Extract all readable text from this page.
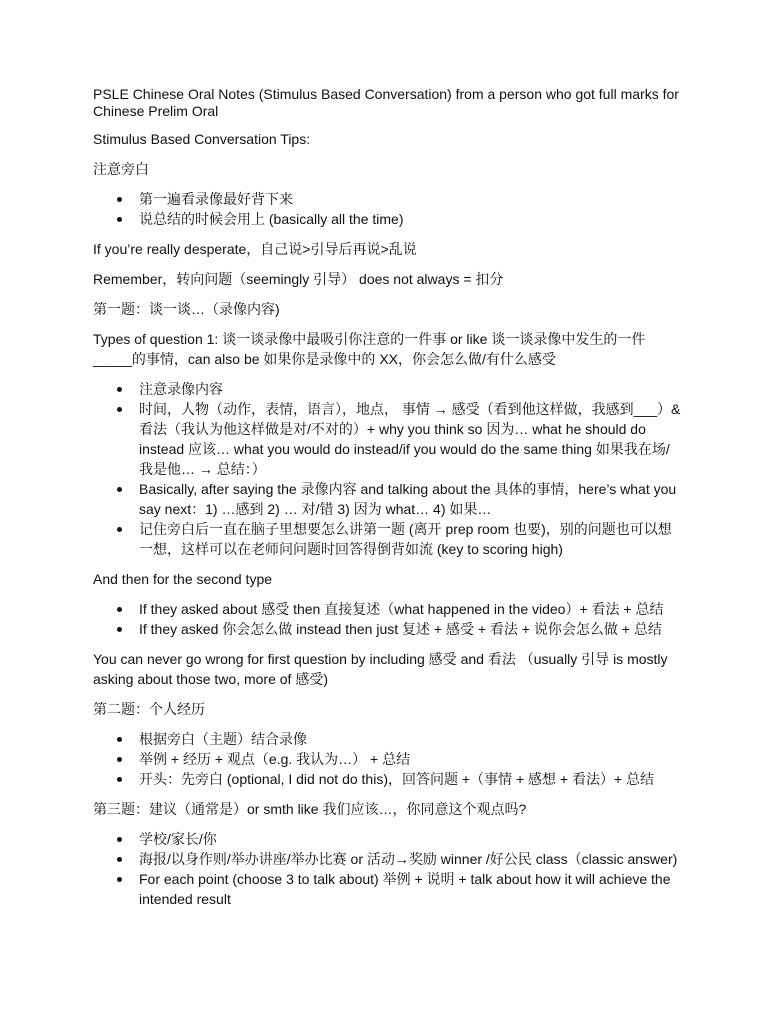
PSLE Chinese Oral Notes (Stimulus Based Conversation) from a person who got full marks for Chinese Prelim Oral

Stimulus Based Conversation Tips:

注意旁白

第一遍看录像最好背下来
说总结的时候会用上 (basically all the time)

If you’re really desperate，自己说>引导后再说>乱说

Remember，转向问题（seemingly 引导） does not always = 扣分

第一题：谈一谈…（录像内容)

Types of question 1: 谈一谈录像中最吸引你注意的一件事 or like 谈一谈录像中发生的一件_____的事情，can also be 如果你是录像中的 XX，你会怎么做/有什么感受

注意录像内容
时间，人物（动作，表情，语言），地点， 事情 → 感受（看到他这样做，我感到___）& 看法（我认为他这样做是对/不对的）+ why you think so 因为… what he should do instead 应该… what you would do instead/if you would do the same thing 如果我在场/我是他… → 总结：）
Basically, after saying the 录像内容 and talking about the 具体的事情，here’s what you say next：1) …感到 2) … 对/错 3) 因为 what… 4) 如果…
记住旁白后一直在脑子里想要怎么讲第一题 (离开 prep room 也要)，别的问题也可以想一想，这样可以在老师问问题时回答得倒背如流 (key to scoring high)

And then for the second type

If they asked about 感受 then 直接复述（what happened in the video）+ 看法 + 总结
If they asked 你会怎么做 instead then just 复述 + 感受 + 看法 + 说你会怎么做 + 总结

You can never go wrong for first question by including 感受 and 看法 （usually 引导 is mostly asking about those two, more of 感受)

第二题：个人经历

根据旁白（主题）结合录像
举例 + 经历 + 观点（e.g. 我认为…） + 总结
开头：先旁白 (optional, I did not do this)，回答问题 +（事情 + 感想 + 看法）+ 总结

第三题：建议（通常是）or smth like 我们应该…，你同意这个观点吗?

学校/家长/你
海报/以身作则/举办讲座/举办比赛 or 活动→奖励 winner /好公民 class（classic answer)
For each point (choose 3 to talk about) 举例 + 说明 + talk about how it will achieve the intended result
